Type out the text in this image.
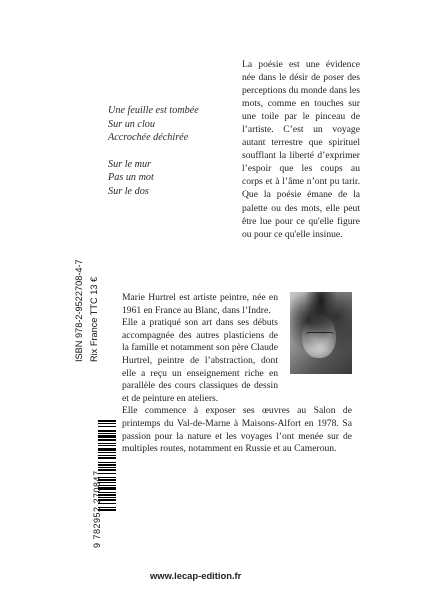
Une feuille est tombée
Sur un clou
Accrochée déchirée
Sur le mur
Pas un mot
Sur le dos
La poésie est une évidence née dans le désir de poser des perceptions du monde dans les mots, comme en touches sur une toile par le pinceau de l’artiste. C’est un voyage autant terrestre que spirituel soufflant la liberté d’exprimer l’espoir que les coups au corps et à l’âme n’ont pu tarir. Que la poésie émane de la palette ou des mots, elle peut être lue pour ce qu'elle figure ou pour ce qu'elle insinue.
ISBN 978-2-9522708-4-7 Rix France TTC 13 €
9 782952 270847
Marie Hurtrel est artiste peintre, née en 1961 en France au Blanc, dans l’Indre.
Elle a pratiqué son art dans ses débuts accompagnée des autres plasticiens de la famille et notamment son père Claude Hurtrel, peintre de l’abstraction, dont elle a reçu un enseignement riche en parallèle des cours classiques de dessin et de peinture en ateliers.
Elle commence à exposer ses œuvres au Salon de printemps du Val-de-Marne à Maisons-Alfort en 1978. Sa passion pour la nature et les voyages l’ont menée sur de multiples routes, notamment en Russie et au Cameroun.
www.lecap-edition.fr
